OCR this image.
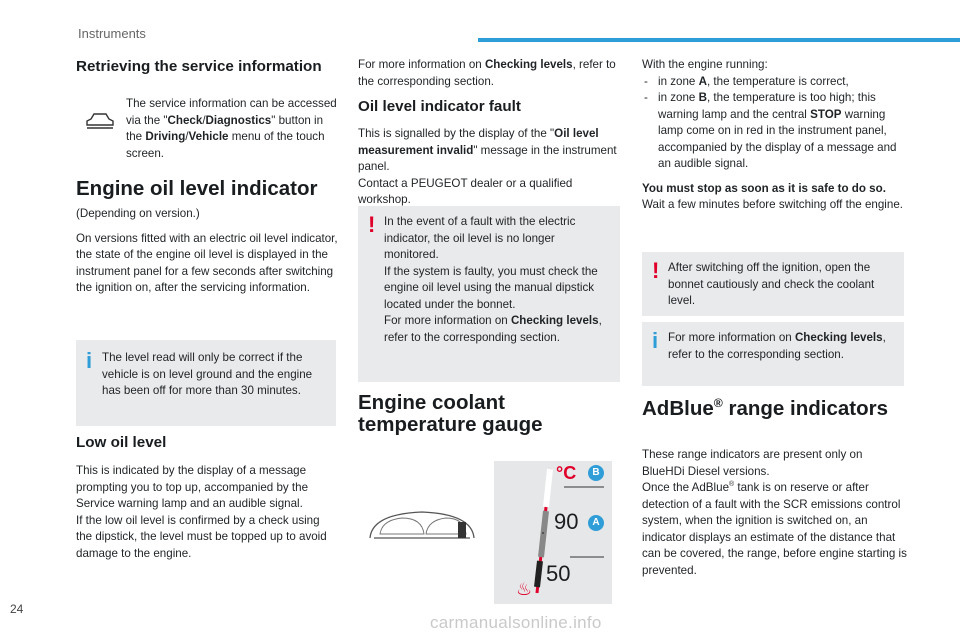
Instruments
Retrieving the service information

The service information can be accessed via the "Check/Diagnostics" button in the Driving/Vehicle menu of the touch screen.

Engine oil level indicator

(Depending on version.)

On versions fitted with an electric oil level indicator, the state of the engine oil level is displayed in the instrument panel for a few seconds after switching the ignition on, after the servicing information.

i The level read will only be correct if the vehicle is on level ground and the engine has been off for more than 30 minutes.
Low oil level

This is indicated by the display of a message prompting you to top up, accompanied by the Service warning lamp and an audible signal.

If the low oil level is confirmed by a check using the dipstick, the level must be topped up to avoid damage to the engine.

For more information on Checking levels, refer to the corresponding section.

Oil level indicator fault

This is signalled by the display of the "Oil level measurement invalid" message in the instrument panel.

Contact a PEUGEOT dealer or a qualified workshop.

! In the event of a fault with the electric indicator, the oil level is no longer monitored.

If the system is faulty, you must check the engine oil level using the manual dipstick located under the bonnet.

For more information on Checking levels, refer to the corresponding section.

Engine coolant temperature gauge
°C	B
90	A
50
♨

With the engine running:

- in zone A, the temperature is correct,
- in zone B, the temperature is too high; this warning lamp and the central STOP warning lamp come on in red in the instrument panel, accompanied by the display of a message and an audible signal.

You must stop as soon as it is safe to do so.

Wait a few minutes before switching off the engine.

! After switching off the ignition, open the bonnet cautiously and check the coolant level.
i For more information on Checking levels, refer to the corresponding section.
AdBlue® range indicators

These range indicators are present only on BlueHDi Diesel versions.

Once the AdBlue® tank is on reserve or after detection of a fault with the SCR emissions control system, when the ignition is switched on, an indicator displays an estimate of the distance that can be covered, the range, before engine starting is prevented.

24
carmanualsonline.info
